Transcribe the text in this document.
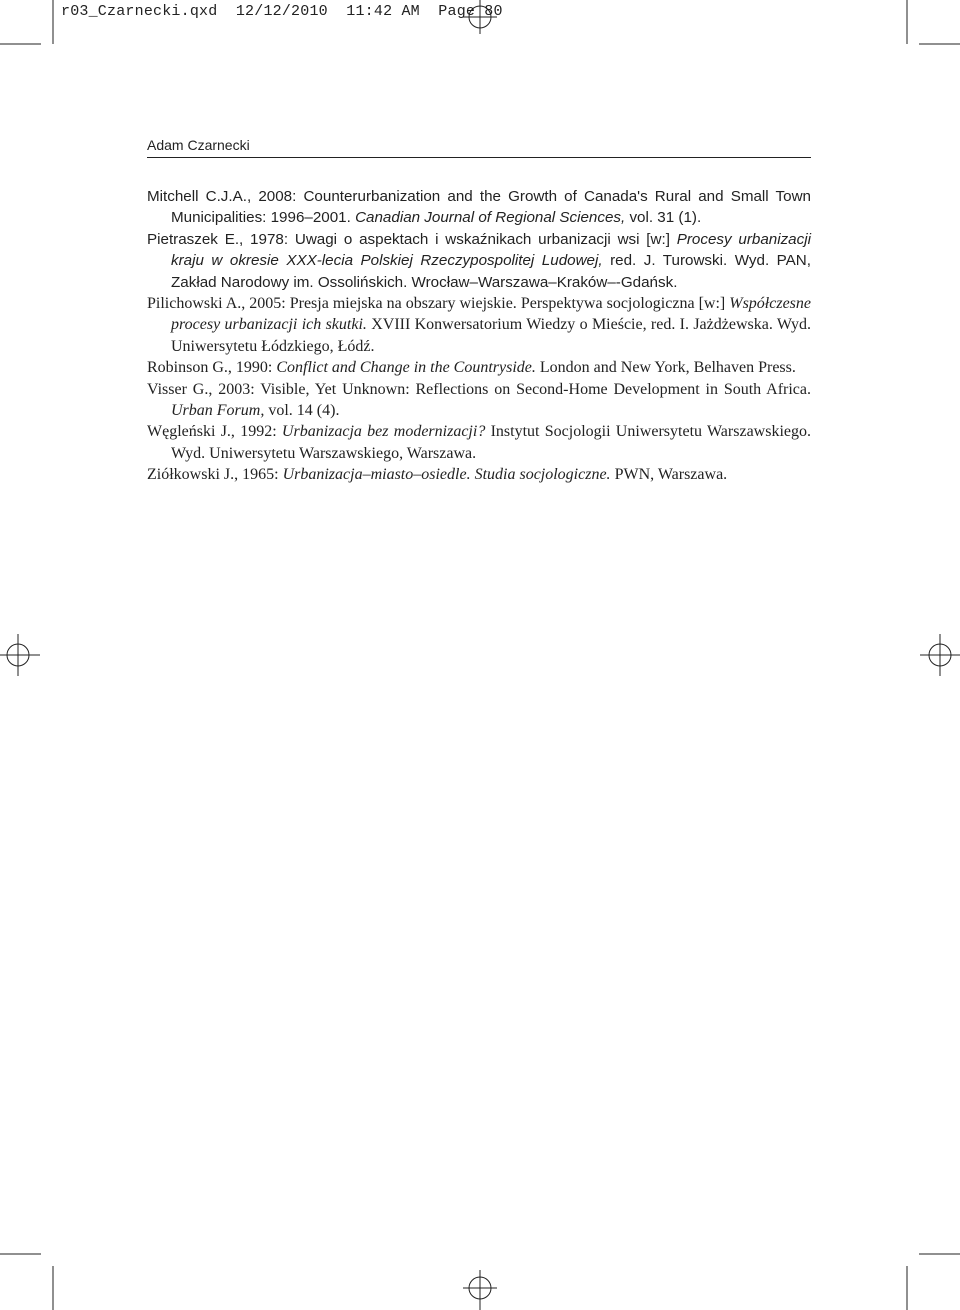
r03_Czarnecki.qxd 12/12/2010 11:42 AM Page 80
Adam Czarnecki

Mitchell C.J.A., 2008: Counterurbanization and the Growth of Canada's Rural and Small Town Municipalities: 1996–2001. Canadian Journal of Regional Sciences, vol. 31 (1).

Pietraszek E., 1978: Uwagi o aspektach i wskaźnikach urbanizacji wsi [w:] Procesy urbanizacji kraju w okresie XXX-lecia Polskiej Rzeczypospolitej Ludowej, red. J. Turowski. Wyd. PAN, Zakład Narodowy im. Ossolińskich. Wrocław–Warszawa–Kraków–-Gdańsk.

Pilichowski A., 2005: Presja miejska na obszary wiejskie. Perspektywa socjologiczna [w:] Współczesne procesy urbanizacji ich skutki. XVIII Konwersatorium Wiedzy o Mieście, red. I. Jażdżewska. Wyd. Uniwersytetu Łódzkiego, Łódź.

Robinson G., 1990: Conflict and Change in the Countryside. London and New York, Belhaven Press.

Visser G., 2003: Visible, Yet Unknown: Reflections on Second-Home Development in South Africa. Urban Forum, vol. 14 (4).

Węgleński J., 1992: Urbanizacja bez modernizacji? Instytut Socjologii Uniwersytetu Warszawskiego. Wyd. Uniwersytetu Warszawskiego, Warszawa.

Ziółkowski J., 1965: Urbanizacja–miasto–osiedle. Studia socjologiczne. PWN, Warszawa.
